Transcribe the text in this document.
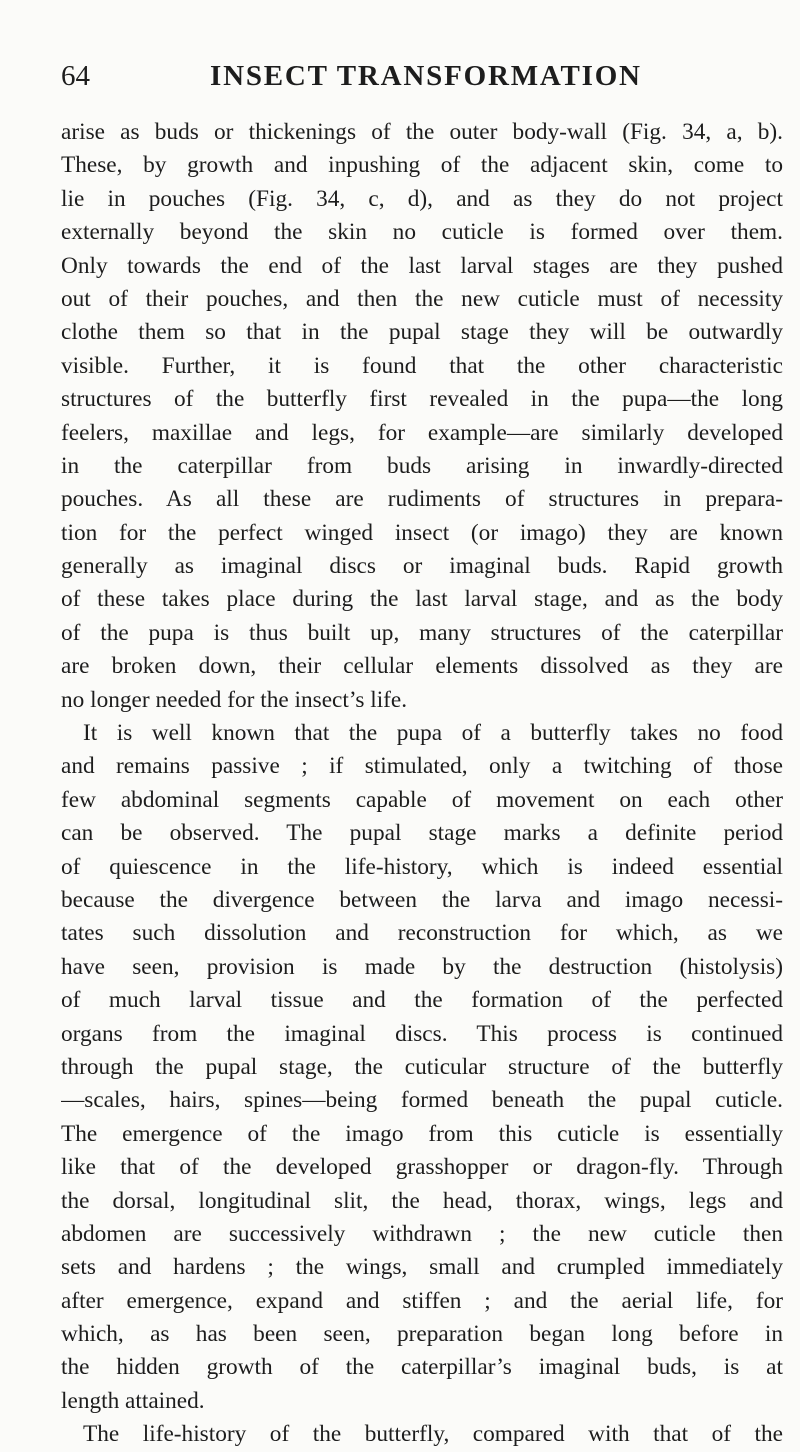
64	INSECT TRANSFORMATION
arise as buds or thickenings of the outer body-wall (Fig. 34, a, b).
These, by growth and inpushing of the adjacent skin, come to
lie in pouches (Fig. 34, c, d), and as they do not project
externally beyond the skin no cuticle is formed over them.
Only towards the end of the last larval stages are they pushed
out of their pouches, and then the new cuticle must of necessity
clothe them so that in the pupal stage they will be outwardly
visible. Further, it is found that the other characteristic
structures of the butterfly first revealed in the pupa—the long
feelers, maxillae and legs, for example—are similarly developed
in the caterpillar from buds arising in inwardly-directed
pouches. As all these are rudiments of structures in prepara-
tion for the perfect winged insect (or imago) they are known
generally as imaginal discs or imaginal buds. Rapid growth
of these takes place during the last larval stage, and as the body
of the pupa is thus built up, many structures of the caterpillar
are broken down, their cellular elements dissolved as they are
no longer needed for the insect’s life.
It is well known that the pupa of a butterfly takes no food
and remains passive ; if stimulated, only a twitching of those
few abdominal segments capable of movement on each other
can be observed. The pupal stage marks a definite period
of quiescence in the life-history, which is indeed essential
because the divergence between the larva and imago necessi-
tates such dissolution and reconstruction for which, as we
have seen, provision is made by the destruction (histolysis)
of much larval tissue and the formation of the perfected
organs from the imaginal discs. This process is continued
through the pupal stage, the cuticular structure of the butterfly
—scales, hairs, spines—being formed beneath the pupal cuticle.
The emergence of the imago from this cuticle is essentially
like that of the developed grasshopper or dragon-fly. Through
the dorsal, longitudinal slit, the head, thorax, wings, legs and
abdomen are successively withdrawn ; the new cuticle then
sets and hardens ; the wings, small and crumpled immediately
after emergence, expand and stiffen ; and the aerial life, for
which, as has been seen, preparation began long before in
the hidden growth of the caterpillar’s imaginal buds, is at
length attained.
The life-history of the butterfly, compared with that of the
